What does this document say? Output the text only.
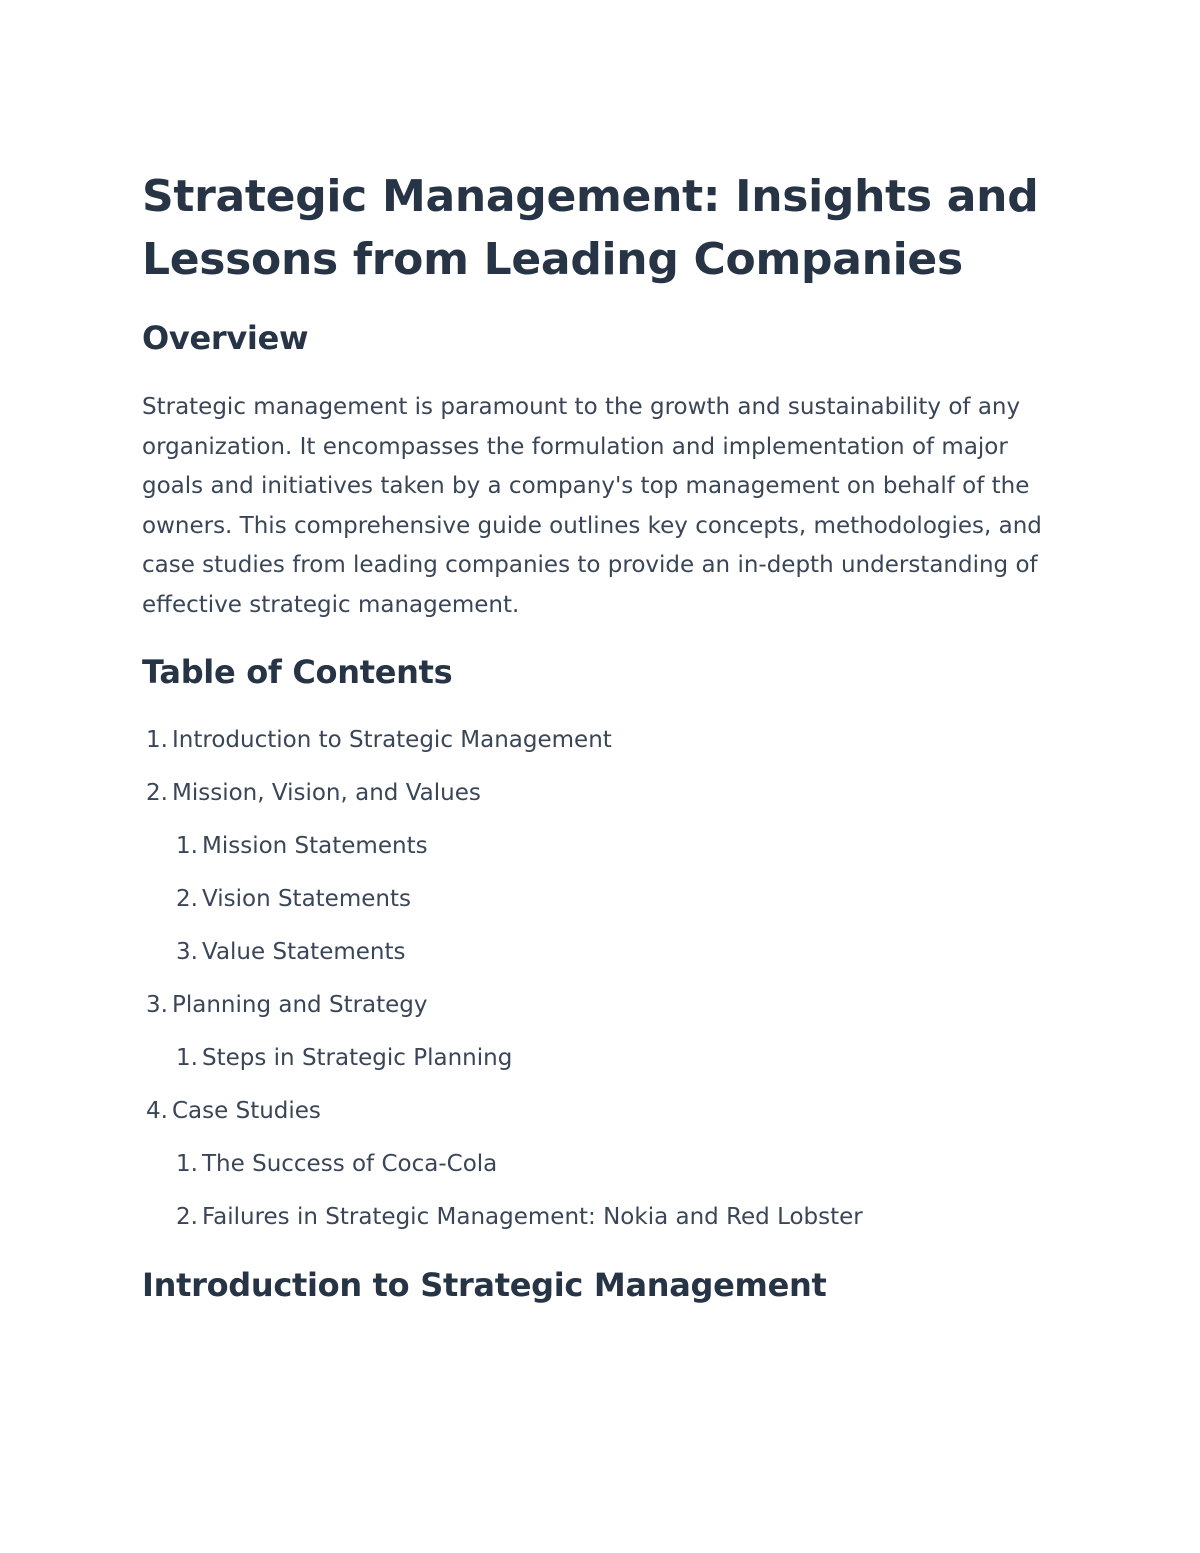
Strategic Management: Insights and Lessons from Leading Companies
Overview

Strategic management is paramount to the growth and sustainability of any organization. It encompasses the formulation and implementation of major goals and initiatives taken by a company's top management on behalf of the owners. This comprehensive guide outlines key concepts, methodologies, and case studies from leading companies to provide an in-depth understanding of effective strategic management.

Table of Contents
1. Introduction to Strategic Management
2. Mission, Vision, and Values
1. Mission Statements
2. Vision Statements
3. Value Statements
3. Planning and Strategy
1. Steps in Strategic Planning
4. Case Studies
1. The Success of Coca-Cola
2. Failures in Strategic Management: Nokia and Red Lobster
Introduction to Strategic Management
